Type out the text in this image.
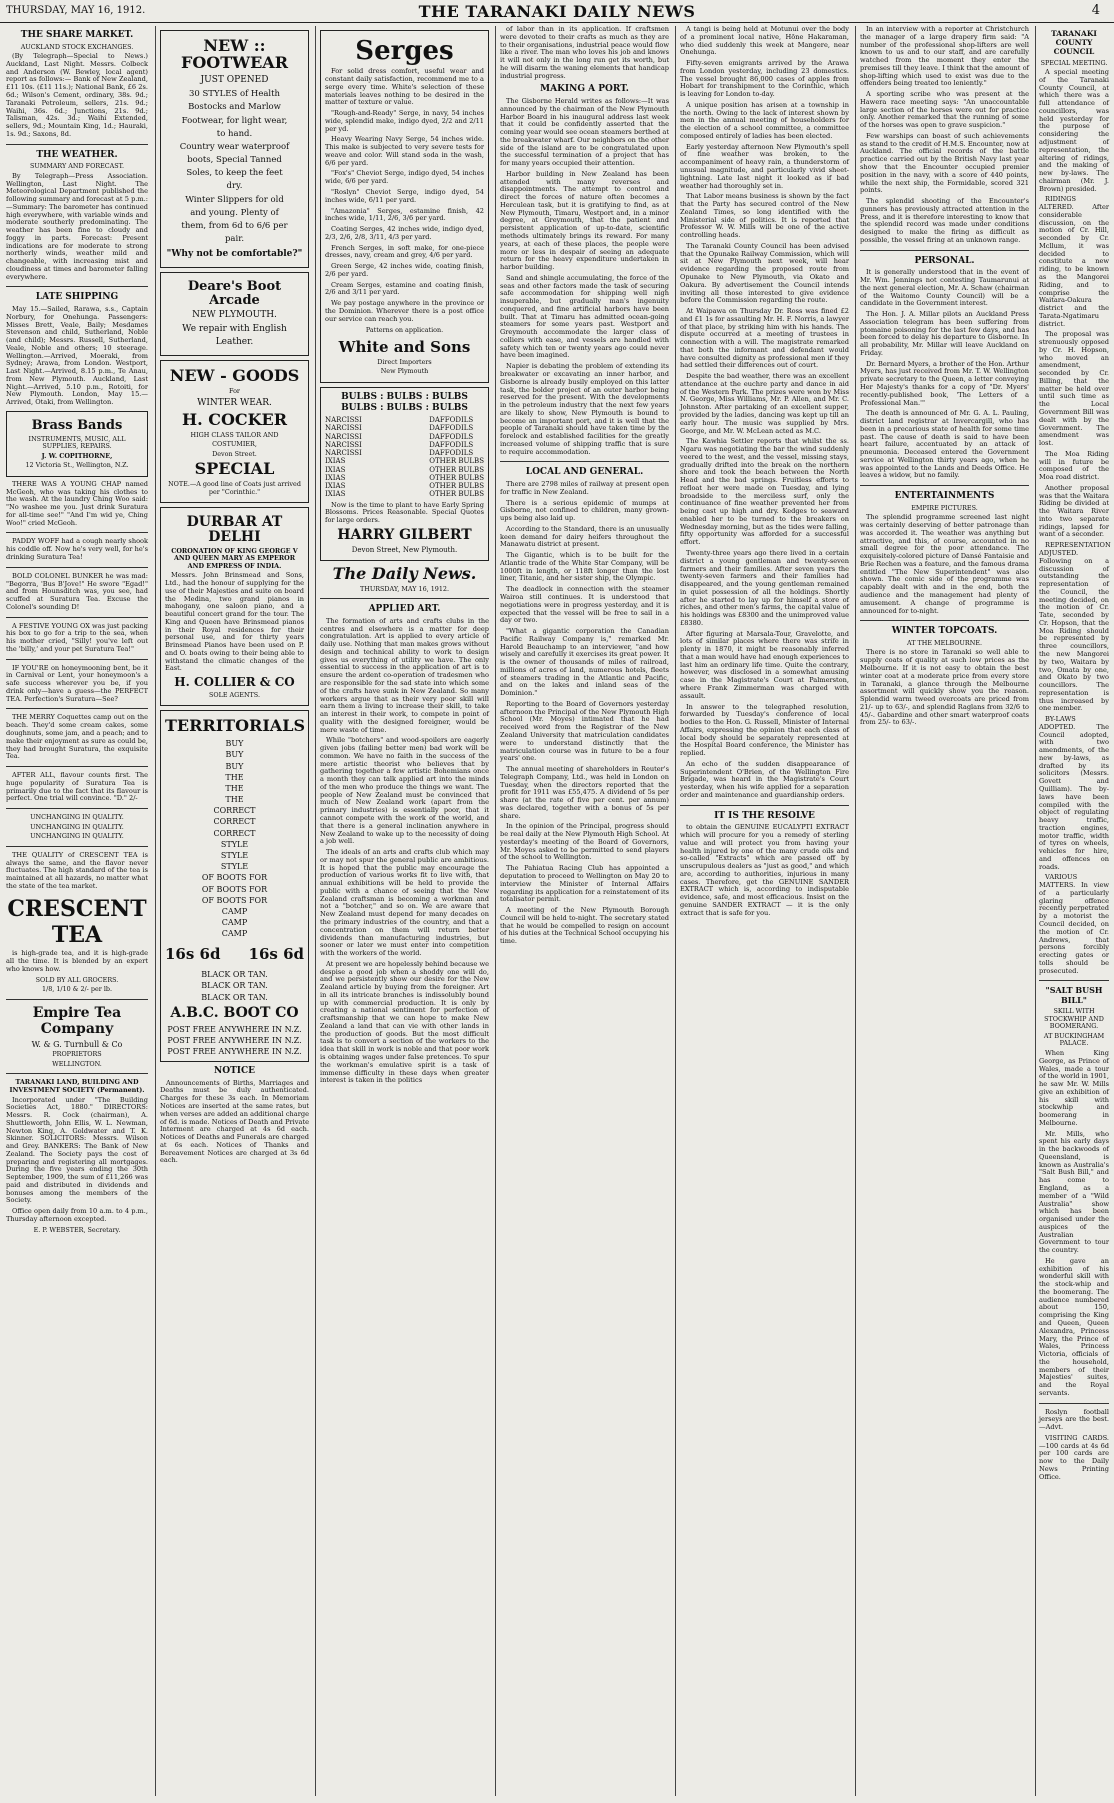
THURSDAY, MAY 16, 1912.	THE TARANAKI DAILY NEWS	4
THE SHARE MARKET.
AUCKLAND STOCK EXCHANGES.

(By Telegraph—Special to News.) Auckland, Last Night. Messrs. Colbeck and Anderson (W. Bewley, local agent) report as follows:— Bank of New Zealand, £11 10s. (£11 11s.); National Bank, £6 2s. 6d.; Wilson's Cement, ordinary, 38s. 9d.; Taranaki Petroleum, sellers, 21s. 9d.; Waihi, 36s. 6d.; Junctions, 21s. 9d.; Talisman, 42s. 3d.; Waihi Extended, sellers, 9d.; Mountain King, 1d.; Hauraki, 1s. 9d.; Saxons, 8d.

THE WEATHER.
SUMMARY AND FORECAST.

By Telegraph—Press Association. Wellington, Last Night. The Meteorological Department published the following summary and forecast at 5 p.m.:—Summary: The barometer has continued high everywhere, with variable winds and moderate southerly predominating. The weather has been fine to cloudy and foggy in parts. Forecast: Present indications are for moderate to strong northerly winds, weather mild and changeable, with increasing mist and cloudiness at times and barometer falling everywhere.

LATE SHIPPING

May 15.—Sailed, Rarawa, s.s., Captain Norbury, for Onehunga. Passengers: Misses Brett, Veale, Baily; Mesdames Stevenson and child, Sutherland, Noble (and child); Messrs. Russell, Sutherland, Veale, Noble and others; 10 steerage. Wellington.—Arrived, Moeraki, from Sydney; Arawa, from London. Westport, Last Night.—Arrived, 8.15 p.m., Te Anau, from New Plymouth. Auckland, Last Night.—Arrived, 5.10 p.m., Rotoiti, for New Plymouth. London, May 15.—Arrived, Otaki, from Wellington.

Brass Bands
INSTRUMENTS, MUSIC, ALL SUPPLIES, REPAIRS.
J. W. COPITHORNE,
12 Victoria St., Wellington, N.Z.

THERE WAS A YOUNG CHAP named McGeoh, who was taking his clothes to the wash. At the laundry Ching Woo said: "No washee me you. Just drink Suratura for all-time see!" "And I'm wid ye, Ching Woo!" cried McGeoh.

PADDY WOFF had a cough nearly shook his coddle off. Now he's very well, for he's drinking Suratura Tea!

BOLD COLONEL BUNKER he was mad: "Begorra, 'Bus B'Jove!" He swore "Egad!" and from Hounsditch was, you see, had scuffed at Suratura Tea. Excuse the Colonel's sounding D!

A FESTIVE YOUNG OX was just packing his box to go for a trip to the sea, when his mother cried, "Silly! you've left out the 'billy,' and your pet Suratura Tea!"

IF YOU'RE on honeymooning bent, be it in Carnival or Lent, your honeymoon's a safe success wherever you be, if you drink only—have a guess—the PERFECT TEA. Perfection's Suratura—See?

THE MERRY Coquettes camp out on the beach. They'd some cream cakes, some doughnuts, some jam, and a peach; and to make their enjoyment as sure as could be, they had brought Suratura, the exquisite Tea.

AFTER ALL, flavour counts first. The huge popularity of Suratura Tea is primarily due to the fact that its flavour is perfect. One trial will convince. "D." 2/-

UNCHANGING IN QUALITY.
UNCHANGING IN QUALITY.
UNCHANGING IN QUALITY.

THE QUALITY of CRESCENT TEA is always the same, and the flavor never fluctuates. The high standard of the tea is maintained at all hazards, no matter what the state of the tea market.

CRESCENT TEA

is high-grade tea, and it is high-grade all the time. It is blended by an expert who knows how.

SOLD BY ALL GROCERS.
1/8, 1/10 & 2/- per lb.
Empire Tea Company
W. & G. Turnbull & Co
PROPRIETORS
WELLINGTON.
TARANAKI LAND, BUILDING AND INVESTMENT SOCIETY (Permanent).

Incorporated under "The Building Societies Act, 1880." DIRECTORS: Messrs. R. Cock (chairman), A. Shuttleworth, John Ellis, W. L. Newman, Newton King, A. Goldwater and T. K. Skinner. SOLICITORS: Messrs. Wilson and Grey. BANKERS: The Bank of New Zealand. The Society pays the cost of preparing and registering all mortgages. During the five years ending the 30th September, 1909, the sum of £11,266 was paid and distributed in dividends and bonuses among the members of the Society.

Office open daily from 10 a.m. to 4 p.m., Thursday afternoon excepted.

E. P. WEBSTER, Secretary.
NEW :: FOOTWEAR
JUST OPENED
30 STYLES of Health
Bostocks and Marlow
Footwear, for light wear,
to hand.
Country wear waterproof
boots, Special Tanned
Soles, to keep the feet
dry.
Winter Slippers for old
and young. Plenty of
them, from 6d to 6/6 per
pair.
"Why not be comfortable?"
Deare's Boot Arcade
NEW PLYMOUTH.
We repair with English
Leather.
NEW - GOODS
For
WINTER WEAR.
H. COCKER
HIGH CLASS TAILOR AND
COSTUMIER,
Devon Street.
SPECIAL
NOTE.—A good line of Coats just arrived per "Corinthic."
DURBAR AT DELHI
CORONATION OF KING GEORGE V AND QUEEN MARY AS EMPEROR AND EMPRESS OF INDIA.

Messrs. John Brinsmead and Sons, Ltd., had the honour of supplying for the use of their Majesties and suite on board the Medina, two grand pianos in mahogany, one saloon piano, and a beautiful concert grand for the tour. The King and Queen have Brinsmead pianos in their Royal residences for their personal use, and for thirty years Brinsmead Pianos have been used on P. and O. boats owing to their being able to withstand the climatic changes of the East.

H. COLLIER & CO
SOLE AGENTS.
TERRITORIALS
BUY
BUY
BUY
THE
THE
THE
CORRECT
CORRECT
CORRECT
STYLE
STYLE
STYLE
OF BOOTS FOR
OF BOOTS FOR
OF BOOTS FOR
CAMP
CAMP
CAMP
16s 6d 16s 6d
BLACK OR TAN.
BLACK OR TAN.
BLACK OR TAN.
A.B.C. BOOT CO
POST FREE ANYWHERE IN N.Z.
POST FREE ANYWHERE IN N.Z.
POST FREE ANYWHERE IN N.Z.
NOTICE

Announcements of Births, Marriages and Deaths must be duly authenticated. Charges for these 3s each. In Memoriam Notices are inserted at the same rates, but when verses are added an additional charge of 6d. is made. Notices of Death and Private Interment are charged at 4s 6d each. Notices of Deaths and Funerals are charged at 6s each. Notices of Thanks and Bereavement Notices are charged at 3s 6d each.

Serges

For solid dress comfort, useful wear and constant daily satisfaction, recommend me to a serge every time. White's selection of these materials leaves nothing to be desired in the matter of texture or value.

"Rough-and-Ready" Serge, in navy, 54 inches wide, splendid make, indigo dyed, 2/2 and 2/11 per yd.

Heavy Wearing Navy Serge, 54 inches wide. This make is subjected to very severe tests for weave and color. Will stand soda in the wash, 6/6 per yard.

"Fox's" Cheviot Serge, indigo dyed, 54 inches wide, 6/6 per yard.

"Roslyn" Cheviot Serge, indigo dyed, 54 inches wide, 6/11 per yard.

"Amazonia" Serges, estamine finish, 42 inches wide, 1/11, 2/6, 3/6 per yard.

Coating Serges, 42 inches wide, indigo dyed, 2/3, 2/6, 2/8, 3/11, 4/3 per yard.

French Serges, in soft make, for one-piece dresses, navy, cream and grey, 4/6 per yard.

Green Serge, 42 inches wide, coating finish, 2/6 per yard.

Cream Serges, estamine and coating finish, 2/6 and 3/11 per yard.

We pay postage anywhere in the province or the Dominion. Wherever there is a post office our service can reach you.

Patterns on application.
White and Sons
Direct Importers
New Plymouth
BULBS : BULBS : BULBS
BULBS : BULBS : BULBS
NARCISSI
NARCISSI
NARCISSI
NARCISSI
NARCISSI
IXIAS
IXIAS
IXIAS
IXIAS
IXIAS
DAFFODILS
DAFFODILS
DAFFODILS
DAFFODILS
DAFFODILS
OTHER BULBS
OTHER BULBS
OTHER BULBS
OTHER BULBS
OTHER BULBS

Now is the time to plant to have Early Spring Blossoms. Prices Reasonable. Special Quotes for large orders.

HARRY GILBERT
Devon Street, New Plymouth.
The Daily News.
THURSDAY, MAY 16, 1912.
APPLIED ART.

The formation of arts and crafts clubs in the centres and elsewhere is a matter for deep congratulation. Art is applied to every article of daily use. Nothing that man makes grows without design and technical ability to work to design gives us everything of utility we have. The only essential to success in the application of art is to ensure the ardent co-operation of tradesmen who are responsible for the sad state into which some of the crafts have sunk in New Zealand. So many workers argue that as their very poor skill will earn them a living to increase their skill, to take an interest in their work, to compete in point of quality with the designed foreigner, would be mere waste of time.

While "botchers" and wood-spoilers are eagerly given jobs (failing better men) bad work will be common. We have no faith in the success of the mere artistic theorist who believes that by gathering together a few artistic Bohemians once a month they can talk applied art into the minds of the men who produce the things we want. The people of New Zealand must be convinced that much of New Zealand work (apart from the primary industries) is essentially poor, that it cannot compete with the work of the world, and that there is a general inclination anywhere in New Zealand to wake up to the necessity of doing a job well.

The ideals of an arts and crafts club which may or may not spur the general public are ambitious. It is hoped that the public may encourage the production of various works fit to live with, that annual exhibitions will be held to provide the public with a chance of seeing that the New Zealand craftsman is becoming a workman and not a "botcher," and so on. We are aware that New Zealand must depend for many decades on the primary industries of the country, and that a concentration on them will return better dividends than manufacturing industries, but sooner or later we must enter into competition with the workers of the world.

At present we are hopelessly behind because we despise a good job when a shoddy one will do, and we persistently show our desire for the New Zealand article by buying from the foreigner. Art in all its intricate branches is indissolubly bound up with commercial production. It is only by creating a national sentiment for perfection of craftsmanship that we can hope to make New Zealand a land that can vie with other lands in the production of goods. But the most difficult task is to convert a section of the workers to the idea that skill in work is noble and that poor work is obtaining wages under false pretences. To spur the workman's emulative spirit is a task of immense difficulty in these days when greater interest is taken in the politics

of labor than in its application. If craftsmen were devoted to their crafts as much as they are to their organisations, industrial peace would flow like a river. The man who loves his job and knows it will not only in the long run get its worth, but he will disarm the waning elements that handicap industrial progress.

MAKING A PORT.

The Gisborne Herald writes as follows:—It was announced by the chairman of the New Plymouth Harbor Board in his inaugural address last week that it could be confidently asserted that the coming year would see ocean steamers berthed at the breakwater wharf. Our neighbors on the other side of the island are to be congratulated upon the successful termination of a project that has for many years occupied their attention.

Harbor building in New Zealand has been attended with many reverses and disappointments. The attempt to control and direct the forces of nature often becomes a Herculean task, but it is gratifying to find, as at New Plymouth, Timaru, Westport and, in a minor degree, at Greymouth, that the patient and persistent application of up-to-date, scientific methods ultimately brings its reward. For many years, at each of these places, the people were more or less in despair of seeing an adequate return for the heavy expenditure undertaken in harbor building.

Sand and shingle accumulating, the force of the seas and other factors made the task of securing safe accommodation for shipping well nigh insuperable, but gradually man's ingenuity conquered, and fine artificial harbors have been built. That at Timaru has admitted ocean-going steamers for some years past. Westport and Greymouth accommodate the larger class of colliers with ease, and vessels are handled with safety which ten or twenty years ago could never have been imagined.

Napier is debating the problem of extending its breakwater or excavating an inner harbor, and Gisborne is already busily employed on this latter task, the bolder project of an outer harbor being reserved for the present. With the developments in the petroleum industry that the next few years are likely to show, New Plymouth is bound to become an important port, and it is well that the people of Taranaki should have taken time by the forelock and established facilities for the greatly increased volume of shipping traffic that is sure to require accommodation.

LOCAL AND GENERAL.

There are 2798 miles of railway at present open for traffic in New Zealand.

There is a serious epidemic of mumps at Gisborne, not confined to children, many grown-ups being also laid up.

According to the Standard, there is an unusually keen demand for dairy heifers throughout the Manawatu district at present.

The Gigantic, which is to be built for the Atlantic trade of the White Star Company, will be 1000ft in length, or 118ft longer than the lost liner, Titanic, and her sister ship, the Olympic.

The deadlock in connection with the steamer Wairoa still continues. It is understood that negotiations were in progress yesterday, and it is expected that the vessel will be free to sail in a day or two.

"What a gigantic corporation the Canadian Pacific Railway Company is," remarked Mr. Harold Beauchamp to an interviewer, "and how wisely and carefully it exercises its great power. It is the owner of thousands of miles of railroad, millions of acres of land, numerous hotels, fleets of steamers trading in the Atlantic and Pacific, and on the lakes and inland seas of the Dominion."

Reporting to the Board of Governors yesterday afternoon the Principal of the New Plymouth High School (Mr. Moyes) intimated that he had received word from the Registrar of the New Zealand University that matriculation candidates were to understand distinctly that the matriculation course was in future to be a four years' one.

The annual meeting of shareholders in Reuter's Telegraph Company, Ltd., was held in London on Tuesday, when the directors reported that the profit for 1911 was £55,475. A dividend of 5s per share (at the rate of five per cent. per annum) was declared, together with a bonus of 5s per share.

In the opinion of the Principal, progress should be real daily at the New Plymouth High School. At yesterday's meeting of the Board of Governors, Mr. Moyes asked to be permitted to send players of the school to Wellington.

The Pahiatua Racing Club has appointed a deputation to proceed to Wellington on May 20 to interview the Minister of Internal Affairs regarding its application for a reinstatement of its totalisator permit.

A meeting of the New Plymouth Borough Council will be held to-night. The secretary stated that he would be compelled to resign on account of his duties at the Technical School occupying his time.

A tangi is being held at Motunui over the body of a prominent local native, Hōne Hakaraman, who died suddenly this week at Mangere, near Onehunga.

Fifty-seven emigrants arrived by the Arawa from London yesterday, including 23 domestics. The vessel brought 86,000 cases of apples from Hobart for transhipment to the Corinthic, which is leaving for London to-day.

A unique position has arisen at a township in the north. Owing to the lack of interest shown by men in the annual meeting of householders for the election of a school committee, a committee composed entirely of ladies has been elected.

Early yesterday afternoon New Plymouth's spell of fine weather was broken, to the accompaniment of heavy rain, a thunderstorm of unusual magnitude, and particularly vivid sheet-lightning. Late last night it looked as if bad weather had thoroughly set in.

That Labor means business is shown by the fact that the Party has secured control of the New Zealand Times, so long identified with the Ministerial side of politics. It is reported that Professor W. W. Mills will be one of the active controlling heads.

The Taranaki County Council has been advised that the Opunake Railway Commission, which will sit at New Plymouth next week, will hear evidence regarding the proposed route from Opunake to New Plymouth, via Okato and Oakura. By advertisement the Council intends inviting all those interested to give evidence before the Commission regarding the route.

At Waipawa on Thursday Dr. Ross was fined £2 and £1 1s for assaulting Mr. H. F. Norris, a lawyer of that place, by striking him with his hands. The dispute occurred at a meeting of trustees in connection with a will. The magistrate remarked that both the informant and defendant would have consulted dignity as professional men if they had settled their differences out of court.

Despite the bad weather, there was an excellent attendance at the euchre party and dance in aid of the Western Park. The prizes were won by Miss N. George, Miss Williams, Mr. P. Allen, and Mr. C. Johnston. After partaking of an excellent supper, provided by the ladies, dancing was kept up till an early hour. The music was supplied by Mrs. George, and Mr. W. McLean acted as M.C.

The Kawhia Settler reports that whilst the ss. Ngaru was negotiating the bar the wind suddenly veered to the west, and the vessel, missing stays, gradually drifted into the break on the northern shore and took the beach between the North Head and the bad springs. Fruitless efforts to refloat her were made on Tuesday, and lying broadside to the merciless surf, only the continuance of fine weather prevented her from being cast up high and dry. Kedges to seaward enabled her to be turned to the breakers on Wednesday morning, but as the tides were falling, fifty opportunity was afforded for a successful effort.

Twenty-three years ago there lived in a certain district a young gentleman and twenty-seven farmers and their families. After seven years the twenty-seven farmers and their families had disappeared, and the young gentleman remained in quiet possession of all the holdings. Shortly after he started to lay up for himself a store of riches, and other men's farms, the capital value of his holdings was £8300 and the unimproved value £8380.

After figuring at Marsala-Tour, Gravelotte, and lots of similar places where there was strife in plenty in 1870, it might be reasonably inferred that a man would have had enough experiences to last him an ordinary life time. Quite the contrary, however, was disclosed in a somewhat amusing case in the Magistrate's Court at Palmerston, where Frank Zimmerman was charged with assault.

In answer to the telegraphed resolution, forwarded by Tuesday's conference of local bodies to the Hon. G. Russell, Minister of Internal Affairs, expressing the opinion that each class of local body should be separately represented at the Hospital Board conference, the Minister has replied.

An echo of the sudden disappearance of Superintendent O'Brien, of the Wellington Fire Brigade, was heard in the Magistrate's Court yesterday, when his wife applied for a separation order and maintenance and guardianship orders.

IT IS THE RESOLVE

to obtain the GENUINE EUCALYPTI EXTRACT which will procure for you a remedy of sterling value and will protect you from having your health injured by one of the many crude oils and so-called "Extracts" which are passed off by unscrupulous dealers as "just as good," and which are, according to authorities, injurious in many cases. Therefore, get the GENUINE SANDER EXTRACT which is, according to indisputable evidence, safe, and most efficacious. Insist on the genuine SANDER EXTRACT — it is the only extract that is safe for you.

In an interview with a reporter at Christchurch the manager of a large drapery firm said: "A number of the professional shop-lifters are well known to us and to our staff, and are carefully watched from the moment they enter the premises till they leave. I think that the amount of shop-lifting which used to exist was due to the offenders being treated too leniently."

A sporting scribe who was present at the Hawera race meeting says: "An unaccountable large section of the horses were out for practice only. Another remarked that the running of some of the horses was open to grave suspicion."

Few warships can boast of such achievements as stand to the credit of H.M.S. Encounter, now at Auckland. The official records of the battle practice carried out by the British Navy last year show that the Encounter occupied premier position in the navy, with a score of 440 points, while the next ship, the Formidable, scored 321 points.

The splendid shooting of the Encounter's gunners has previously attracted attention in the Press, and it is therefore interesting to know that the splendid record was made under conditions designed to make the firing as difficult as possible, the vessel firing at an unknown range.

PERSONAL.

It is generally understood that in the event of Mr. Wm. Jennings not contesting Taumarunui at the next general election, Mr. A. Schaw (chairman of the Waitomo County Council) will be a candidate in the Government interest.

The Hon. J. A. Millar pilots an Auckland Press Association telegram has been suffering from ptomaine poisoning for the last few days, and has been forced to delay his departure to Gisborne. In all probability, Mr. Millar will leave Auckland on Friday.

Dr. Bernard Myers, a brother of the Hon. Arthur Myers, has just received from Mr. T. W. Wellington private secretary to the Queen, a letter conveying Her Majesty's thanks for a copy of "Dr. Myers' recently-published book, 'The Letters of a Professional Man.'"

The death is announced of Mr. G. A. L. Pauling, district land registrar at Invercargill, who has been in a precarious state of health for some time past. The cause of death is said to have been heart failure, accentuated by an attack of pneumonia. Deceased entered the Government service at Wellington thirty years ago, when he was appointed to the Lands and Deeds Office. He leaves a widow, but no family.

ENTERTAINMENTS
EMPIRE PICTURES.

The splendid programme screened last night was certainly deserving of better patronage than was accorded it. The weather was anything but attractive, and this, of course, accounted in no small degree for the poor attendance. The exquisitely-colored picture of Dansé Fantaisie and Brie Rechen was a feature, and the famous drama entitled "The New Superintendent" was also shown. The comic side of the programme was capably dealt with and in the end, both the audience and the management had plenty of amusement. A change of programme is announced for to-night.

WINTER TOPCOATS.
AT THE MELBOURNE.

There is no store in Taranaki so well able to supply coats of quality at such low prices as the Melbourne. If it is not easy to obtain the best winter coat at a moderate price from every store in Taranaki, a glance through the Melbourne assortment will quickly show you the reason. Splendid warm tweed overcoats are priced from 21/- up to 63/-, and splendid Raglans from 32/6 to 45/-. Gabardine and other smart waterproof coats from 25/- to 63/-.

TARANAKI COUNTY COUNCIL
SPECIAL MEETING.

A special meeting of the Taranaki County Council, at which there was a full attendance of councillors, was held yesterday for the purpose of considering the adjustment of representation, the altering of ridings, and the making of new by-laws. The chairman (Mr. J. Brown) presided.

RIDINGS ALTERED. After considerable discussion, on the motion of Cr. Hill, seconded by Cr. Mcllum, it was decided to constitute a new riding, to be known as the Mangorei Riding, and to comprise the Waitara-Oakura district and the Tarata-Ngatimaru district.

The proposal was strenuously opposed by Cr. H. Hopson, who moved an amendment, seconded by Cr. Billing, that the matter be held over until such time as the Local Government Bill was dealt with by the Government. The amendment was lost.

The Moa Riding will in future be composed of the Moa road district.

Another proposal was that the Waitara Riding be divided at the Waitara River into two separate ridings, lapsed for want of a seconder.

REPRESENTATION ADJUSTED. Following on a discussion of outstanding the representation of the Council, the meeting decided, on the motion of Cr. Tate, seconded by Cr. Hopson, that the Moa Riding should be represented by three councillors, the new Mangorei by two, Waitara by two, Omata by one, and Okato by two councillors. The representation is thus increased by one member.

BY-LAWS ADOPTED. The Council adopted, with two amendments, of the new by-laws, as drafted by its solicitors (Messrs. Govett and Quilliam). The by-laws have been compiled with the object of regulating heavy traffic, traction engines, motor traffic, width of tyres on wheels, vehicles for hire, and offences on roads.

VARIOUS MATTERS. In view of a particularly glaring offence recently perpetrated by a motorist the Council decided, on the motion of Cr. Andrews, that persons forcibly erecting gates or tolls should be prosecuted.

"SALT BUSH BILL"
SKILL WITH STOCKWHIP AND BOOMERANG.
AT BUCKINGHAM PALACE.

When King George, as Prince of Wales, made a tour of the world in 1901, he saw Mr. W. Mills give an exhibition of his skill with stockwhip and boomerang in Melbourne.

Mr. Mills, who spent his early days in the backwoods of Queensland, is known as Australia's "Salt Bush Bill," and has come to England, as a member of a "Wild Australia" show which has been organised under the auspices of the Australian Government to tour the country.

He gave an exhibition of his wonderful skill with the stock-whip and the boomerang. The audience numbered about 150, comprising the King and Queen, Queen Alexandra, Princess Mary, the Prince of Wales, Princess Victoria, officials of the household, members of their Majesties' suites, and the Royal servants.

Roslyn football jerseys are the best.—Advt.

VISITING CARDS.—100 cards at 4s 6d per 100 cards are now to the Daily News Printing Office.
